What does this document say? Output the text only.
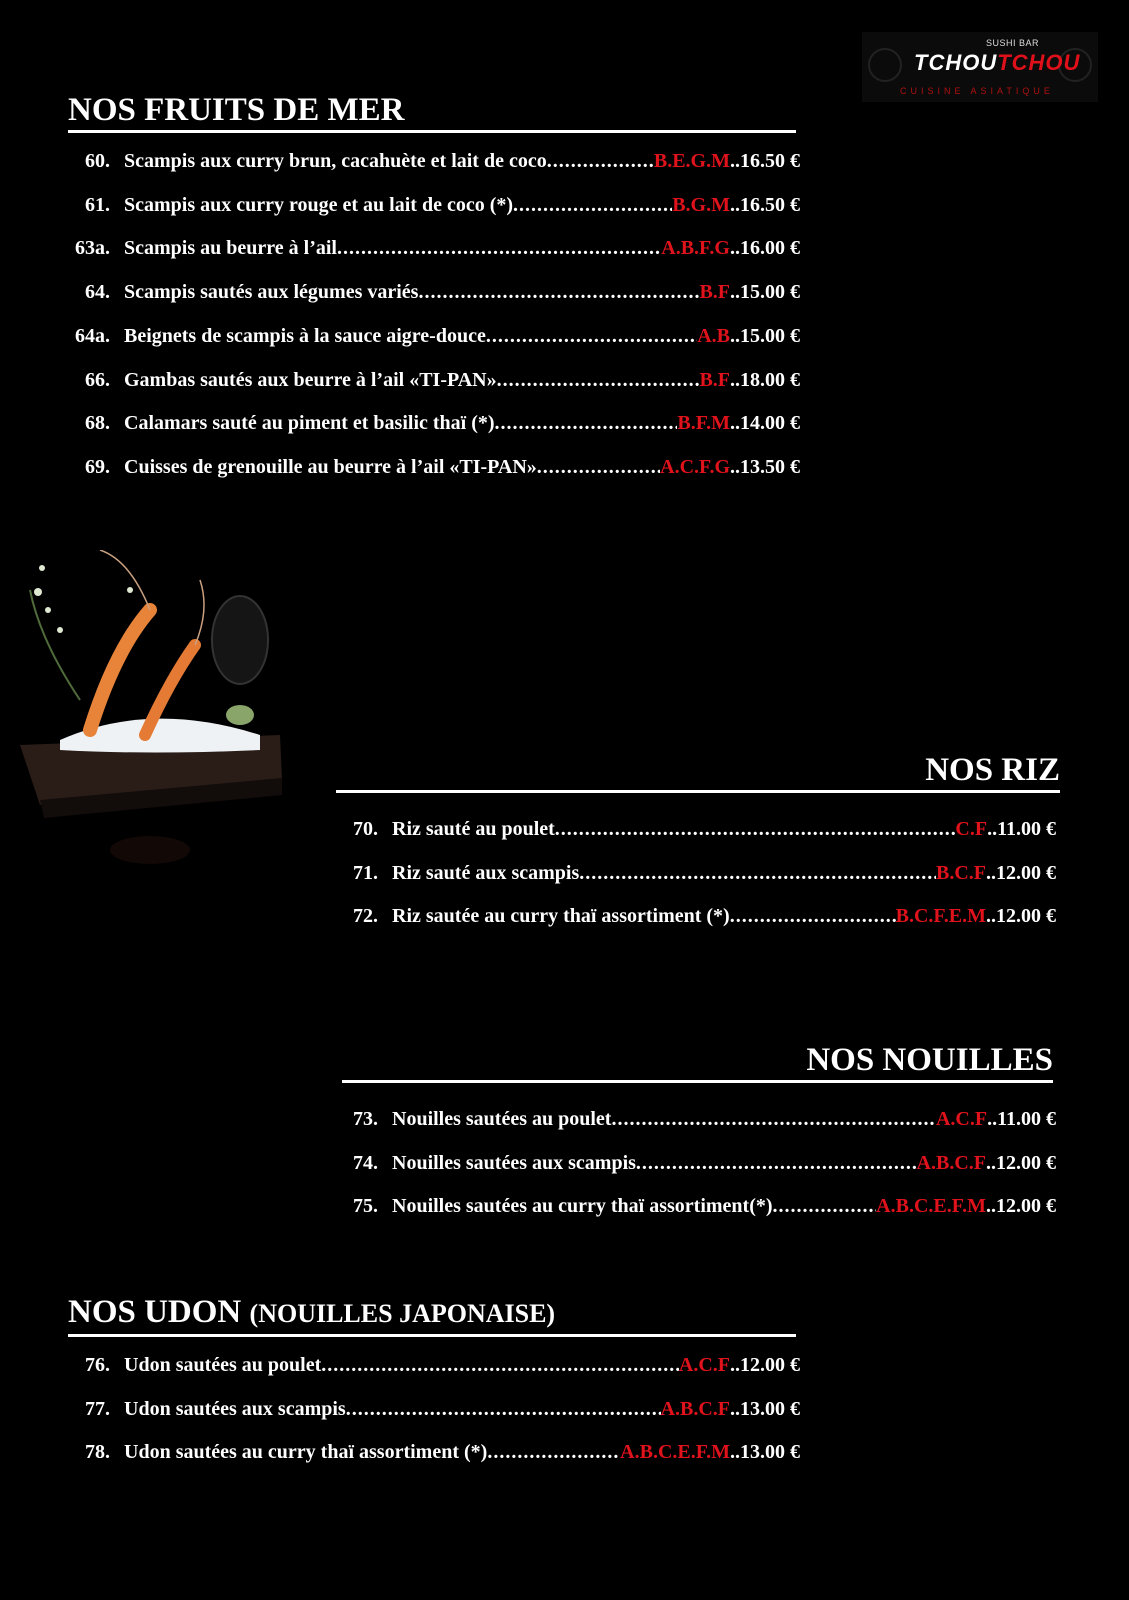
SUSHI BAR
TCHOUTCHOU
CUISINE ASIATIQUE
NOS FRUITS DE MER
60. Scampis aux curry brun, cacahuète et lait de coco .....	B.E.G.M .. 16.50 €
61. Scampis aux curry rouge et au lait de coco (*) .....	B.G.M .. 16.50 €
63a. Scampis au beurre à l’ail .....	A.B.F.G .. 16.00 €
64. Scampis sautés aux légumes variés .....	B.F .. 15.00 €
64a. Beignets de scampis à la sauce aigre-douce .....	A.B .. 15.00 €
66. Gambas sautés aux beurre à l’ail «TI-PAN» .....	B.F .. 18.00 €
68. Calamars sauté au piment et basilic thaï (*) .....	B.F.M .. 14.00 €
69. Cuisses de grenouille au beurre à l’ail «TI-PAN» .....	A.C.F.G .. 13.50 €
NOS RIZ
70. Riz sauté au poulet .....	C.F .. 11.00 €
71. Riz sauté aux scampis .....	B.C.F .. 12.00 €
72. Riz sautée au curry thaï assortiment (*) .....	B.C.F.E.M .. 12.00 €
NOS NOUILLES
73. Nouilles sautées au poulet .....	A.C.F .. 11.00 €
74. Nouilles sautées aux scampis .....	A.B.C.F .. 12.00 €
75. Nouilles sautées au curry thaï assortiment(*) .....	A.B.C.E.F.M .. 12.00 €
NOS UDON (NOUILLES JAPONAISE)
76. Udon sautées au poulet .....	A.C.F .. 12.00 €
77. Udon sautées aux scampis .....	A.B.C.F .. 13.00 €
78. Udon sautées au curry thaï assortiment (*) .....	A.B.C.E.F.M .. 13.00 €
